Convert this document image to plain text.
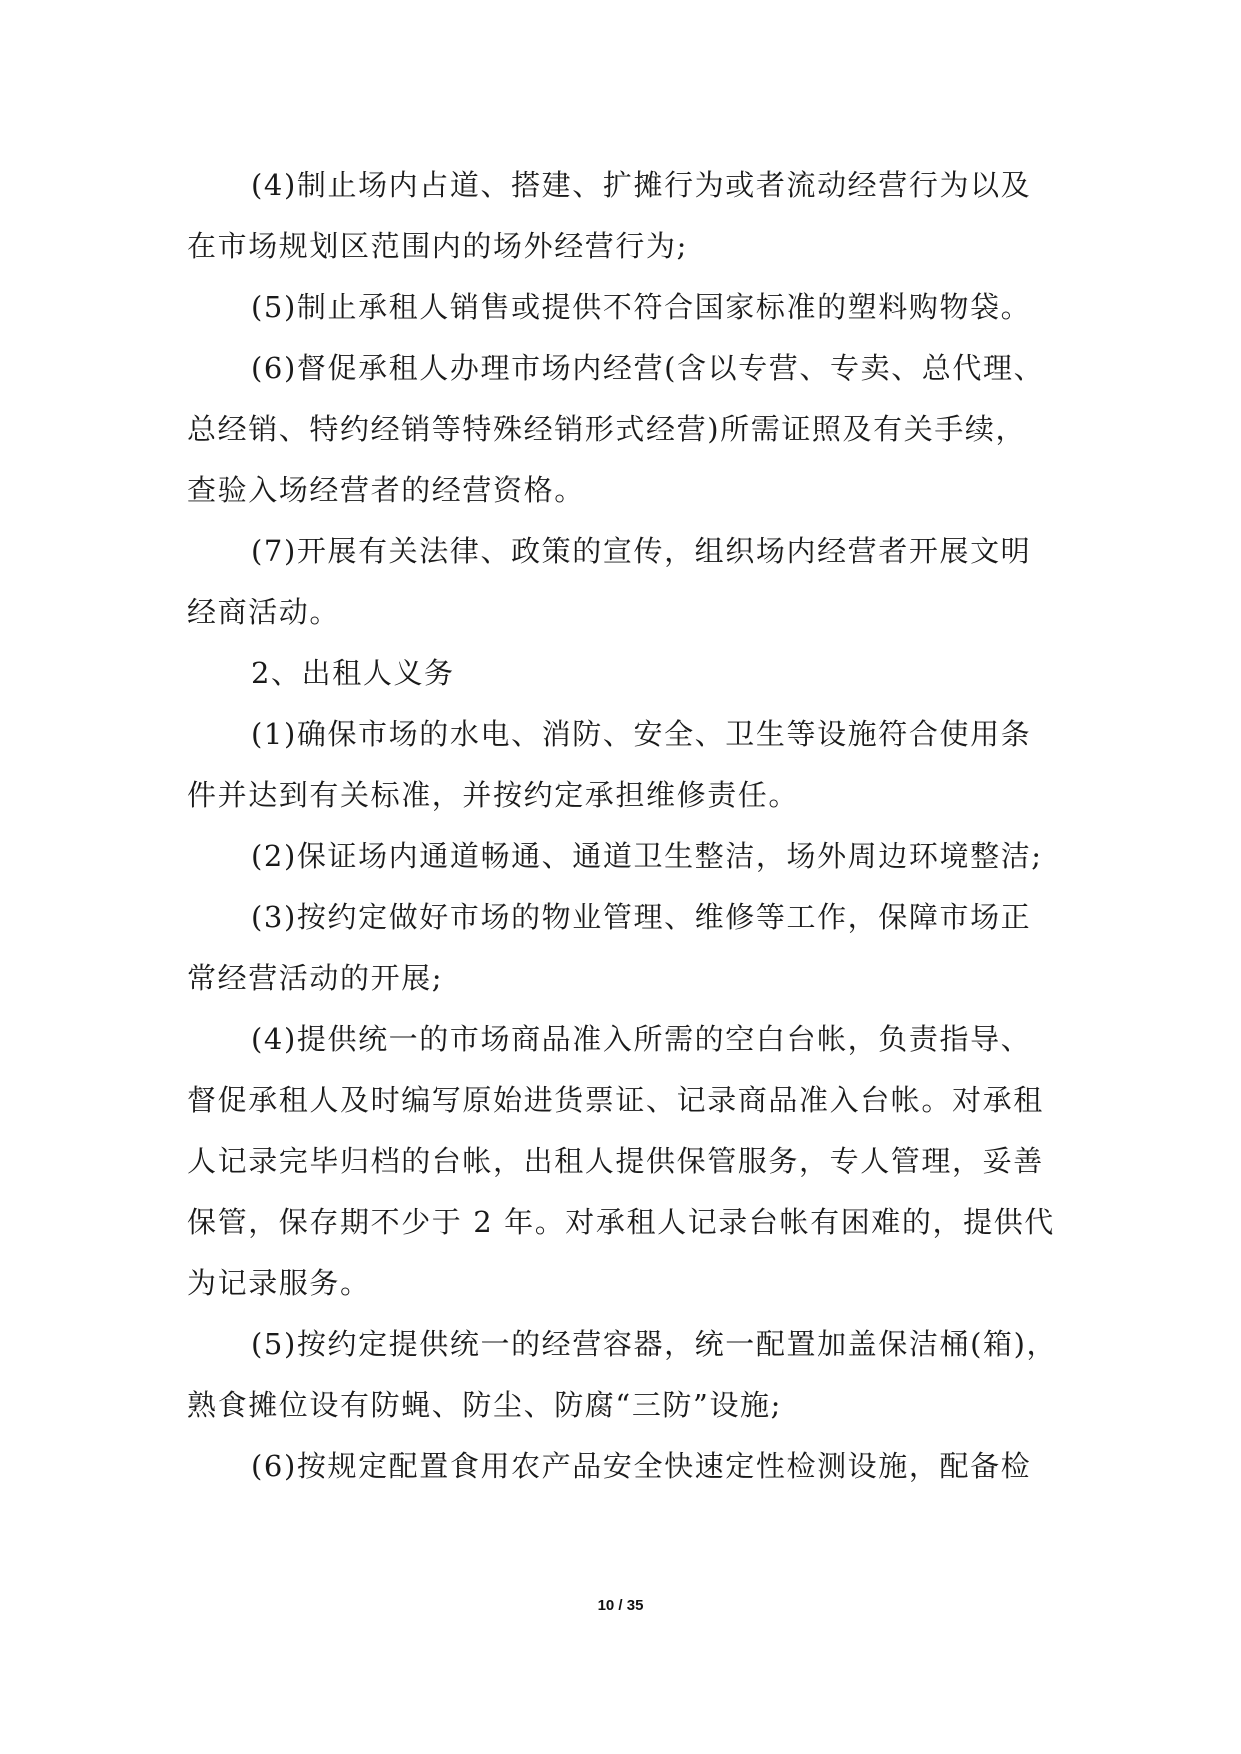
(4)制止场内占道、搭建、扩摊行为或者流动经营行为以及
在市场规划区范围内的场外经营行为;
(5)制止承租人销售或提供不符合国家标准的塑料购物袋。
(6)督促承租人办理市场内经营(含以专营、专卖、总代理、
总经销、特约经销等特殊经销形式经营)所需证照及有关手续，
查验入场经营者的经营资格。
(7)开展有关法律、政策的宣传，组织场内经营者开展文明
经商活动。
2、出租人义务
(1)确保市场的水电、消防、安全、卫生等设施符合使用条
件并达到有关标准，并按约定承担维修责任。
(2)保证场内通道畅通、通道卫生整洁，场外周边环境整洁;
(3)按约定做好市场的物业管理、维修等工作，保障市场正
常经营活动的开展;
(4)提供统一的市场商品准入所需的空白台帐，负责指导、
督促承租人及时编写原始进货票证、记录商品准入台帐。对承租
人记录完毕归档的台帐，出租人提供保管服务，专人管理，妥善
保管，保存期不少于 2 年。对承租人记录台帐有困难的，提供代
为记录服务。
(5)按约定提供统一的经营容器，统一配置加盖保洁桶(箱)，
熟食摊位设有防蝇、防尘、防腐“三防”设施;
(6)按规定配置食用农产品安全快速定性检测设施，配备检
10 / 35
